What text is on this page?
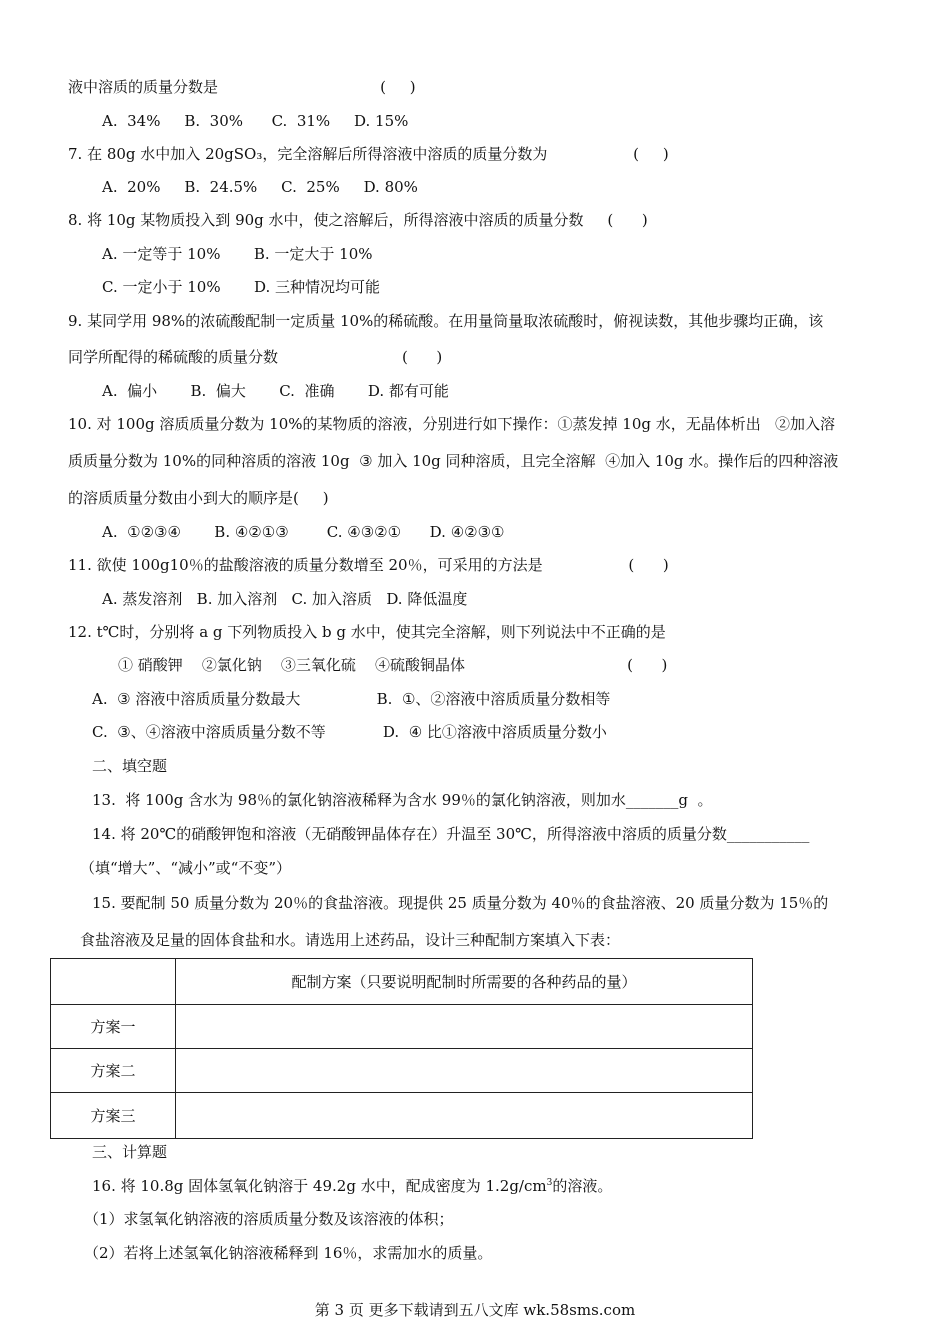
液中溶质的质量分数是                                  (     )
A.  34%     B.  30%      C.  31%     D. 15%
7. 在 80g 水中加入 20gSO₃，完全溶解后所得溶液中溶质的质量分数为                  (     )
A.  20%     B.  24.5%     C.  25%     D. 80%
8. 将 10g 某物质投入到 90g 水中，使之溶解后，所得溶液中溶质的质量分数     (      )
A. 一定等于 10%       B. 一定大于 10%
C. 一定小于 10%       D. 三种情况均可能
9. 某同学用 98%的浓硫酸配制一定质量 10%的稀硫酸。在用量筒量取浓硫酸时，俯视读数，其他步骤均正确，该
同学所配得的稀硫酸的质量分数                          (      )
A.  偏小       B.  偏大       C.  准确       D. 都有可能
10. 对 100g 溶质质量分数为 10%的某物质的溶液，分别进行如下操作：①蒸发掉 10g 水，无晶体析出   ②加入溶
质质量分数为 10%的同种溶质的溶液 10g  ③ 加入 10g 同种溶质，且完全溶解  ④加入 10g 水。操作后的四种溶液
的溶质质量分数由小到大的顺序是(     )
A.  ①②③④       B. ④②①③        C. ④③②①      D. ④②③①
11. 欲使 100g10％的盐酸溶液的质量分数增至 20％，可采用的方法是                  (      )
A. 蒸发溶剂   B. 加入溶剂   C. 加入溶质   D. 降低温度
12. t℃时，分别将 a g 下列物质投入 b g 水中，使其完全溶解，则下列说法中不正确的是
① 硝酸钾    ②氯化钠    ③三氧化硫    ④硫酸铜晶体                                  (      )
A.  ③ 溶液中溶质质量分数最大                B.  ①、②溶液中溶质质量分数相等
C.  ③、④溶液中溶质质量分数不等            D.  ④ 比①溶液中溶质质量分数小
二、填空题
13.  将 100g 含水为 98％的氯化钠溶液稀释为含水 99％的氯化钠溶液，则加水_______g  。
14. 将 20℃的硝酸钾饱和溶液（无硝酸钾晶体存在）升温至 30℃，所得溶液中溶质的质量分数___________
（填“增大”、“减小”或“不变”）
15. 要配制 50 质量分数为 20％的食盐溶液。现提供 25 质量分数为 40％的食盐溶液、20 质量分数为 15％的
食盐溶液及足量的固体食盐和水。请选用上述药品，设计三种配制方案填入下表：
	配制方案（只要说明配制时所需要的各种药品的量）
方案一	
方案二	
方案三	
三、计算题
16. 将 10.8g 固体氢氧化钠溶于 49.2g 水中，配成密度为 $1.2g/cm^3$的溶液。
（1）求氢氧化钠溶液的溶质质量分数及该溶液的体积；
（2）若将上述氢氧化钠溶液稀释到 16％，求需加水的质量。
第 3 页 更多下载请到五八文库 wk.58sms.com
